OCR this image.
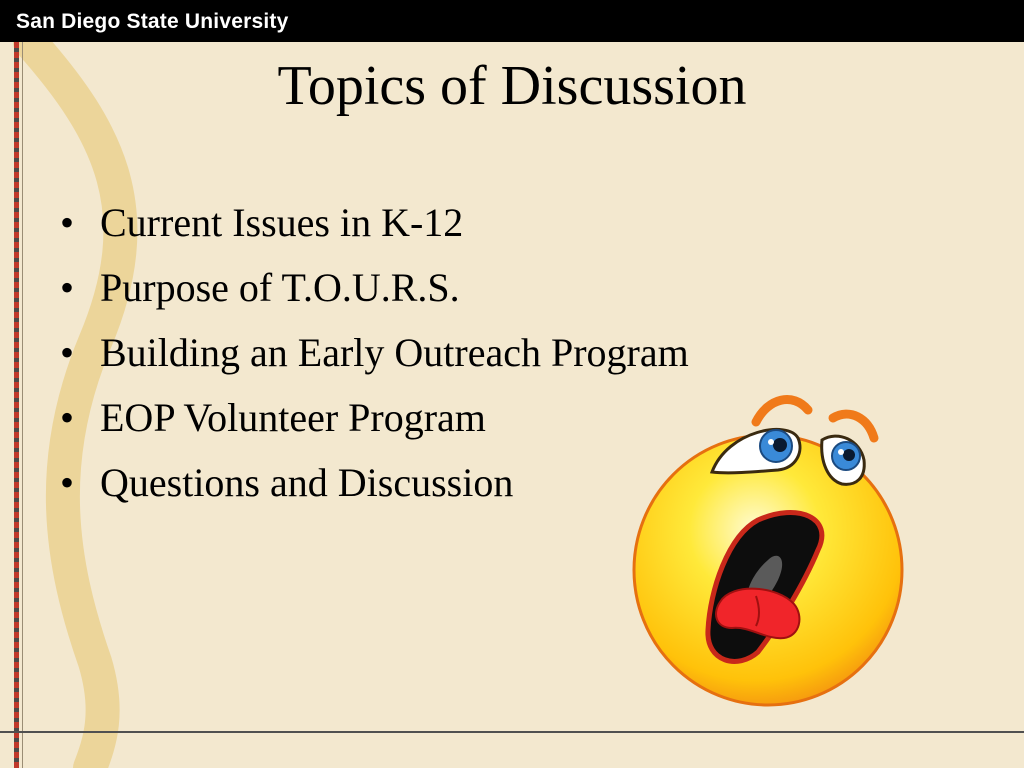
San Diego State University
Topics of Discussion
• Current Issues in K-12
• Purpose of T.O.U.R.S.
• Building an Early Outreach Program
• EOP Volunteer Program
• Questions and Discussion
